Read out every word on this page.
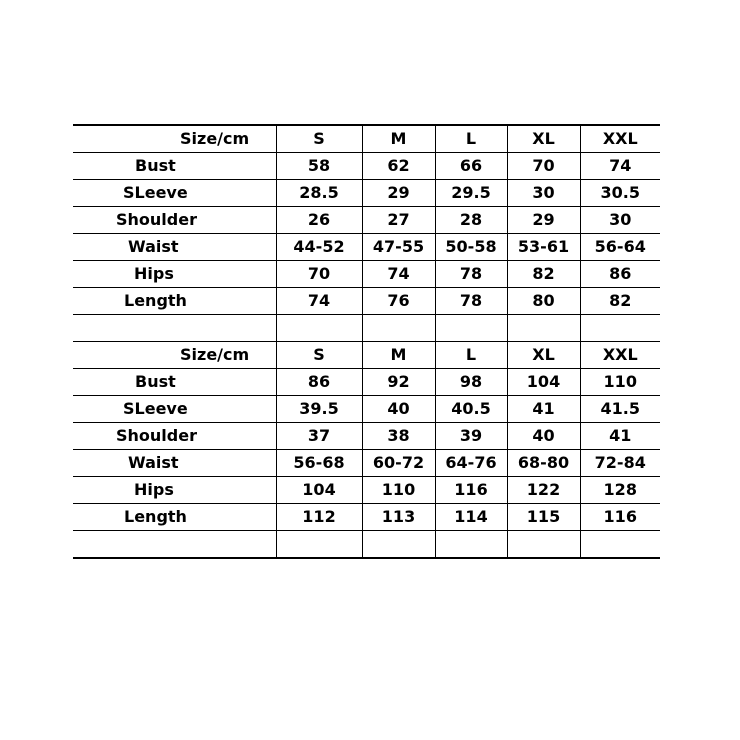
Size/cm	S	M	L	XL	XXL
Bust	58	62	66	70	74
SLeeve	28.5	29	29.5	30	30.5
Shoulder	26	27	28	29	30
Waist	44-52	47-55	50-58	53-61	56-64
Hips	70	74	78	82	86
Length	74	76	78	80	82

Size/cm	S	M	L	XL	XXL
Bust	86	92	98	104	110
SLeeve	39.5	40	40.5	41	41.5
Shoulder	37	38	39	40	41
Waist	56-68	60-72	64-76	68-80	72-84
Hips	104	110	116	122	128
Length	112	113	114	115	116
